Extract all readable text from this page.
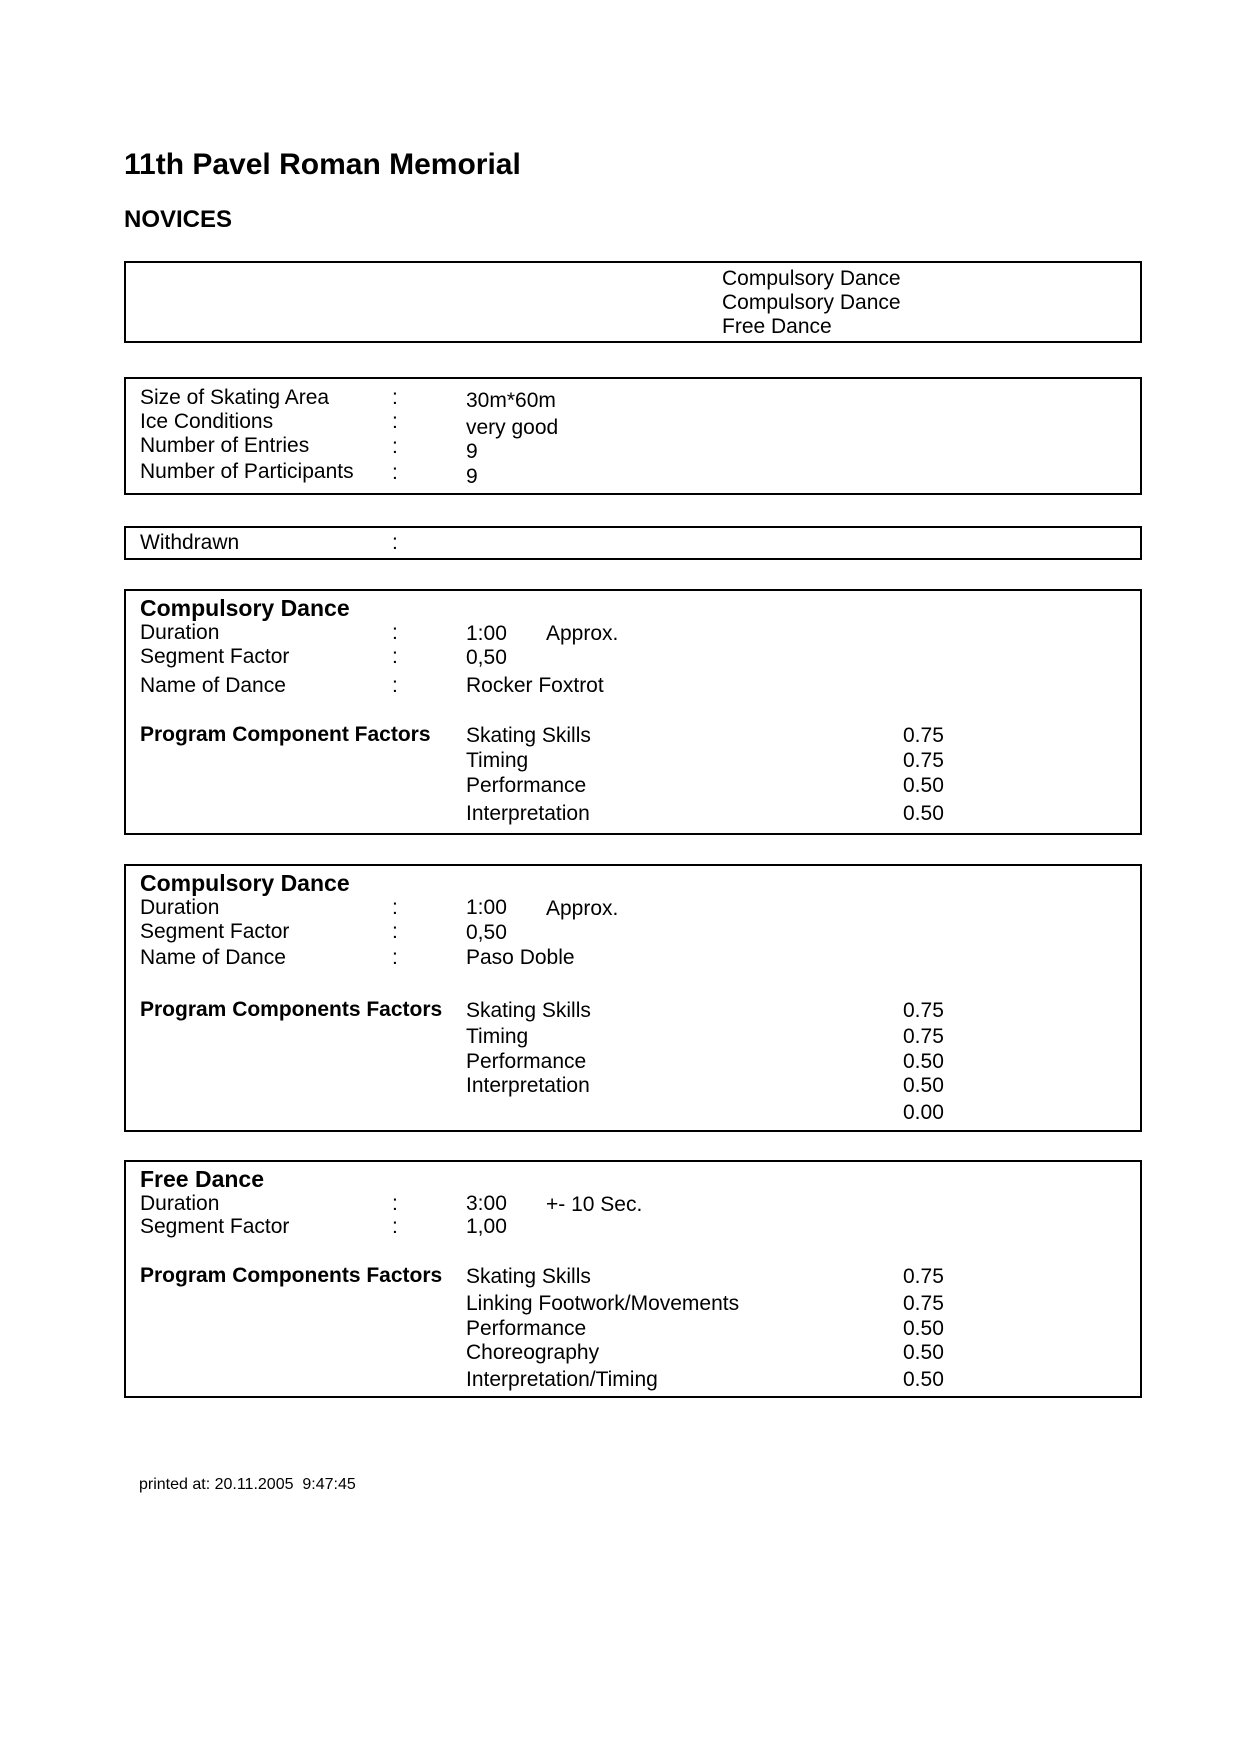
11th Pavel Roman Memorial
NOVICES
Compulsory Dance
Compulsory Dance
Free Dance
Size of Skating Area	:	30m*60m
Ice Conditions	:	very good
Number of Entries	:	9
Number of Participants :	9
Withdrawn	:
Compulsory Dance
Duration	:	1:00 Approx.
Segment Factor	:	0,50
Name of Dance	:	Rocker Foxtrot
Program Component Factors Skating Skills	0.75
Timing	0.75
Performance	0.50
Interpretation	0.50
Compulsory Dance
Duration	:	1:00 Approx.
Segment Factor	:	0,50
Name of Dance	:	Paso Doble
Program Components Factors Skating Skills	0.75
Timing	0.75
Performance	0.50
Interpretation	0.50
0.00
Free Dance
Duration	:	3:00 +- 10 Sec.
Segment Factor	:	1,00
Program Components Factors Skating Skills	0.75
Linking Footwork/Movements	0.75
Performance	0.50
Choreography	0.50
Interpretation/Timing	0.50
printed at: 20.11.2005  9:47:45
